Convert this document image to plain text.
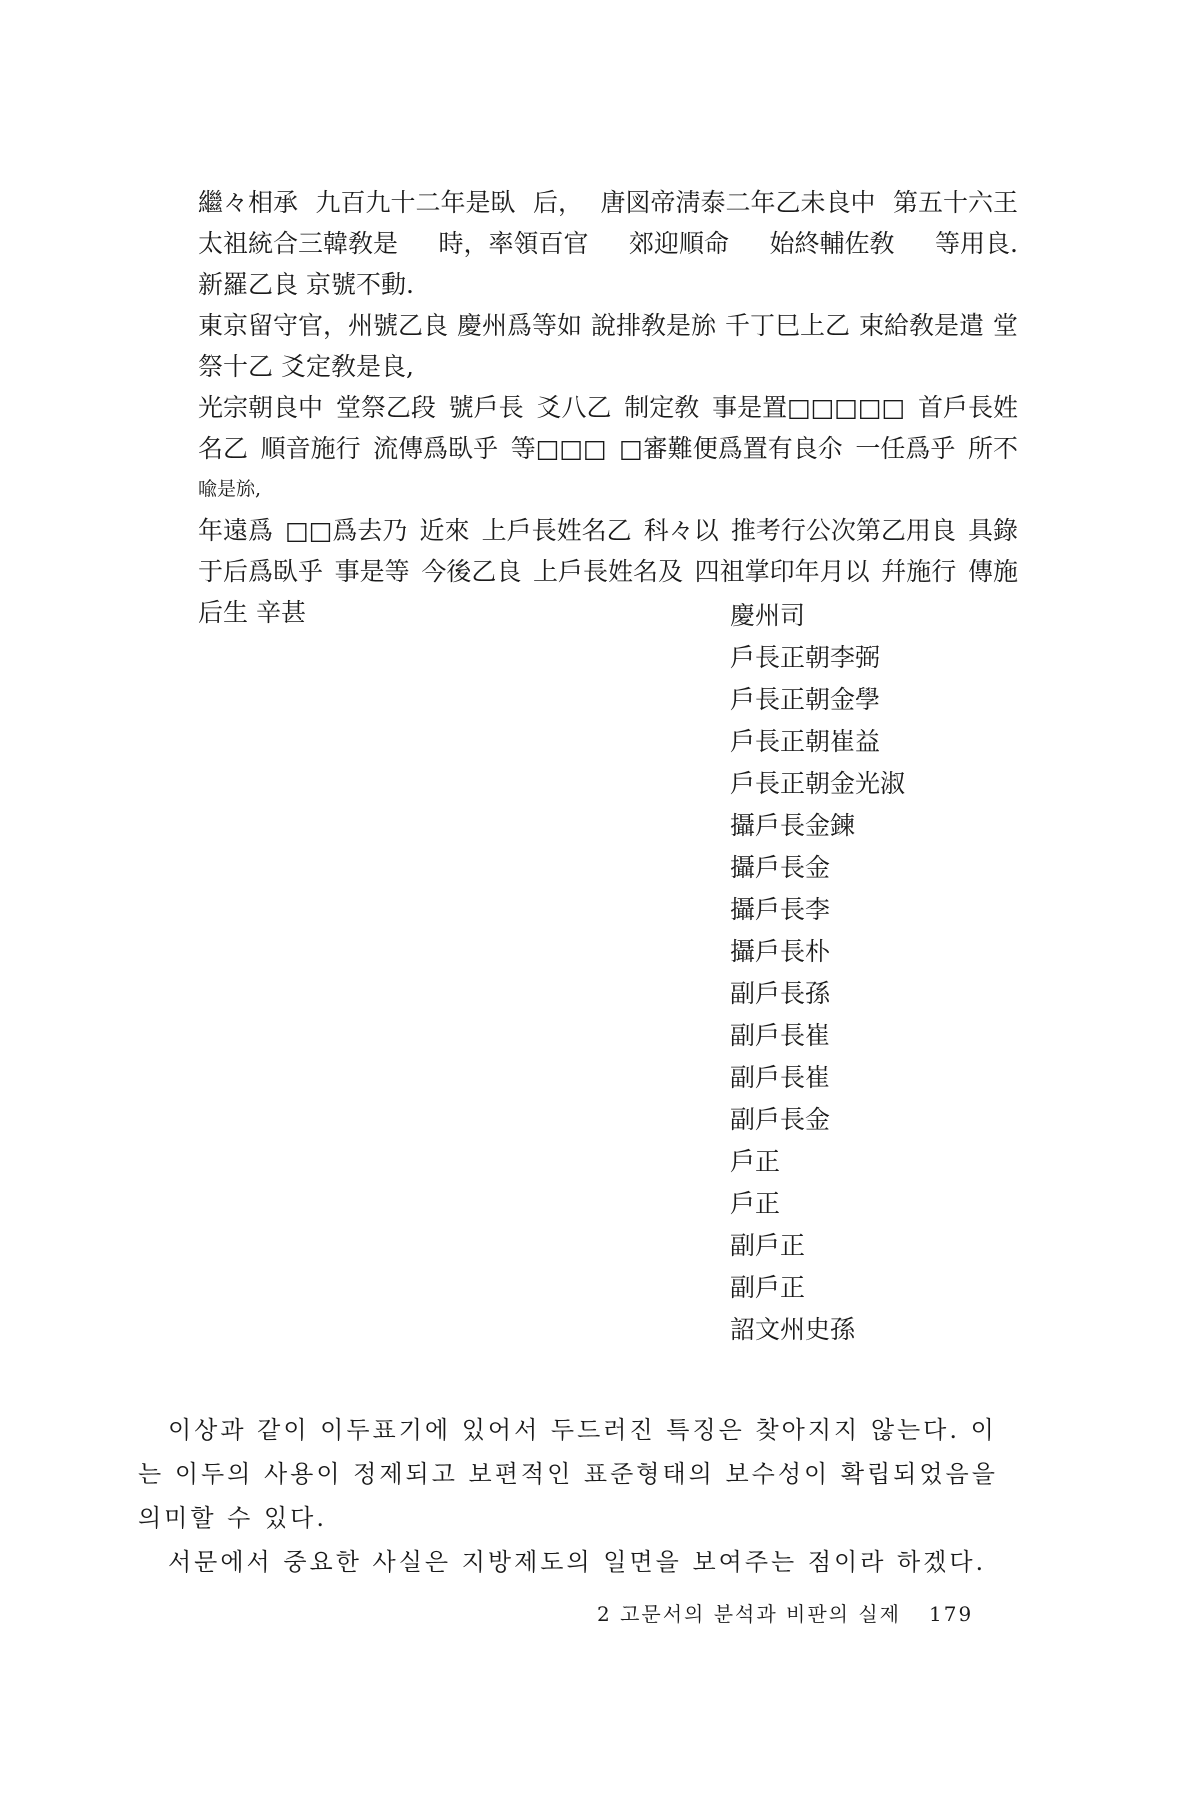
繼々相承 九百九十二年是臥 后， 唐図帝淸泰二年乙未良中 第五十六王
太祖統合三韓敎是 時，率領百官 郊迎順命 始終輔佐敎 等用良.
新羅乙良 京號不動.
東京留守官，州號乙良 慶州爲等如 說排敎是旀 千丁巳上乙 束給敎是遣 堂
祭十乙 爻定敎是良,
光宗朝良中 堂祭乙段 號戶長 爻八乙 制定敎 事是置□□□□□ 首戶長姓
名乙 順音施行 流傳爲臥乎 等□□□ □審難便爲置有良尒 一任爲乎 所不
喩是旀,
年遠爲 □□爲去乃 近來 上戶長姓名乙 科々以 推考行公次第乙用良 具錄
于后爲臥乎 事是等 今後乙良 上戶長姓名及 四祖掌印年月以 幷施行 傳施
后生 辛甚	慶州司
戶長正朝李弼
戶長正朝金學
戶長正朝崔益
戶長正朝金光淑
攝戶長金鍊
攝戶長金
攝戶長李
攝戶長朴
副戶長孫
副戶長崔
副戶長崔
副戶長金
戶正
戶正
副戶正
副戶正
詔文州史孫

이상과 같이 이두표기에 있어서 두드러진 특징은 찾아지지 않는다. 이는 이두의 사용이 정제되고 보편적인 표준형태의 보수성이 확립되었음을 의미할 수 있다.

서문에서 중요한 사실은 지방제도의 일면을 보여주는 점이라 하겠다.

2 고문서의 분석과 비판의 실제 179
